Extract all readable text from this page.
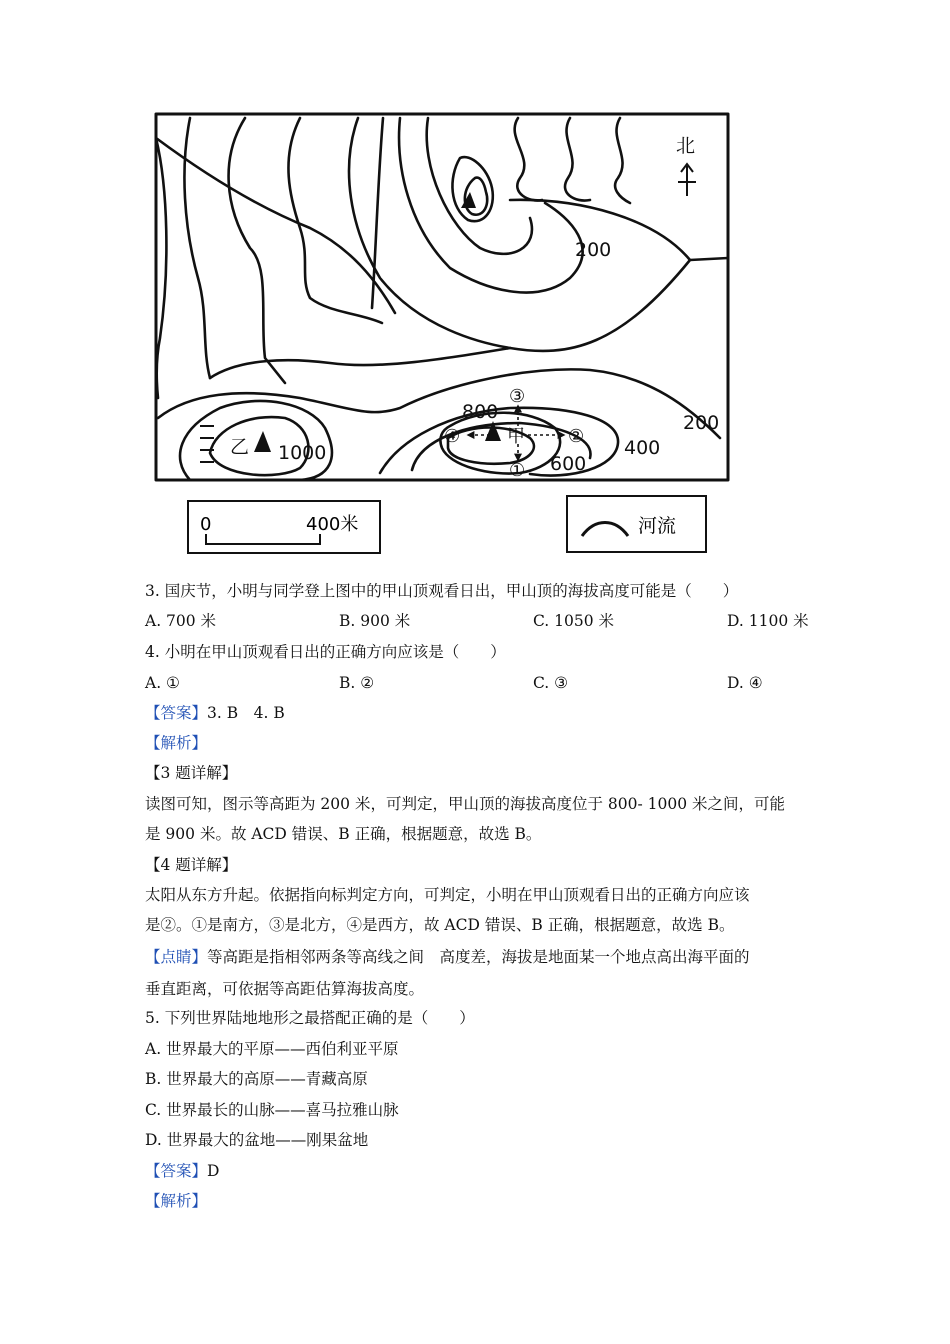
北
200
800
600
400
200
1000
甲
乙
③
②
①
④
0	400米	河流
3. 国庆节，小明与同学登上图中的甲山顶观看日出，甲山顶的海拔高度可能是（　　）
A. 700 米	B. 900 米	C. 1050 米	D. 1100 米
4. 小明在甲山顶观看日出的正确方向应该是（　　）
A. ①	B. ②	C. ③	D. ④
【答案】3. B　4. B
【解析】
【3 题详解】
读图可知，图示等高距为 200 米，可判定，甲山顶的海拔高度位于 800- 1000 米之间，可能
是 900 米。故 ACD 错误、B 正确，根据题意，故选 B。
【4 题详解】
太阳从东方升起。依据指向标判定方向，可判定，小明在甲山顶观看日出的正确方向应该
是②。①是南方，③是北方，④是西方，故 ACD 错误、B 正确，根据题意，故选 B。
【点睛】等高距是指相邻两条等高线之间　高度差，海拔是地面某一个地点高出海平面的
垂直距离，可依据等高距估算海拔高度。
5. 下列世界陆地地形之最搭配正确的是（　　）
A. 世界最大的平原——西伯利亚平原
B. 世界最大的高原——青藏高原
C. 世界最长的山脉——喜马拉雅山脉
D. 世界最大的盆地——刚果盆地
【答案】D
【解析】
